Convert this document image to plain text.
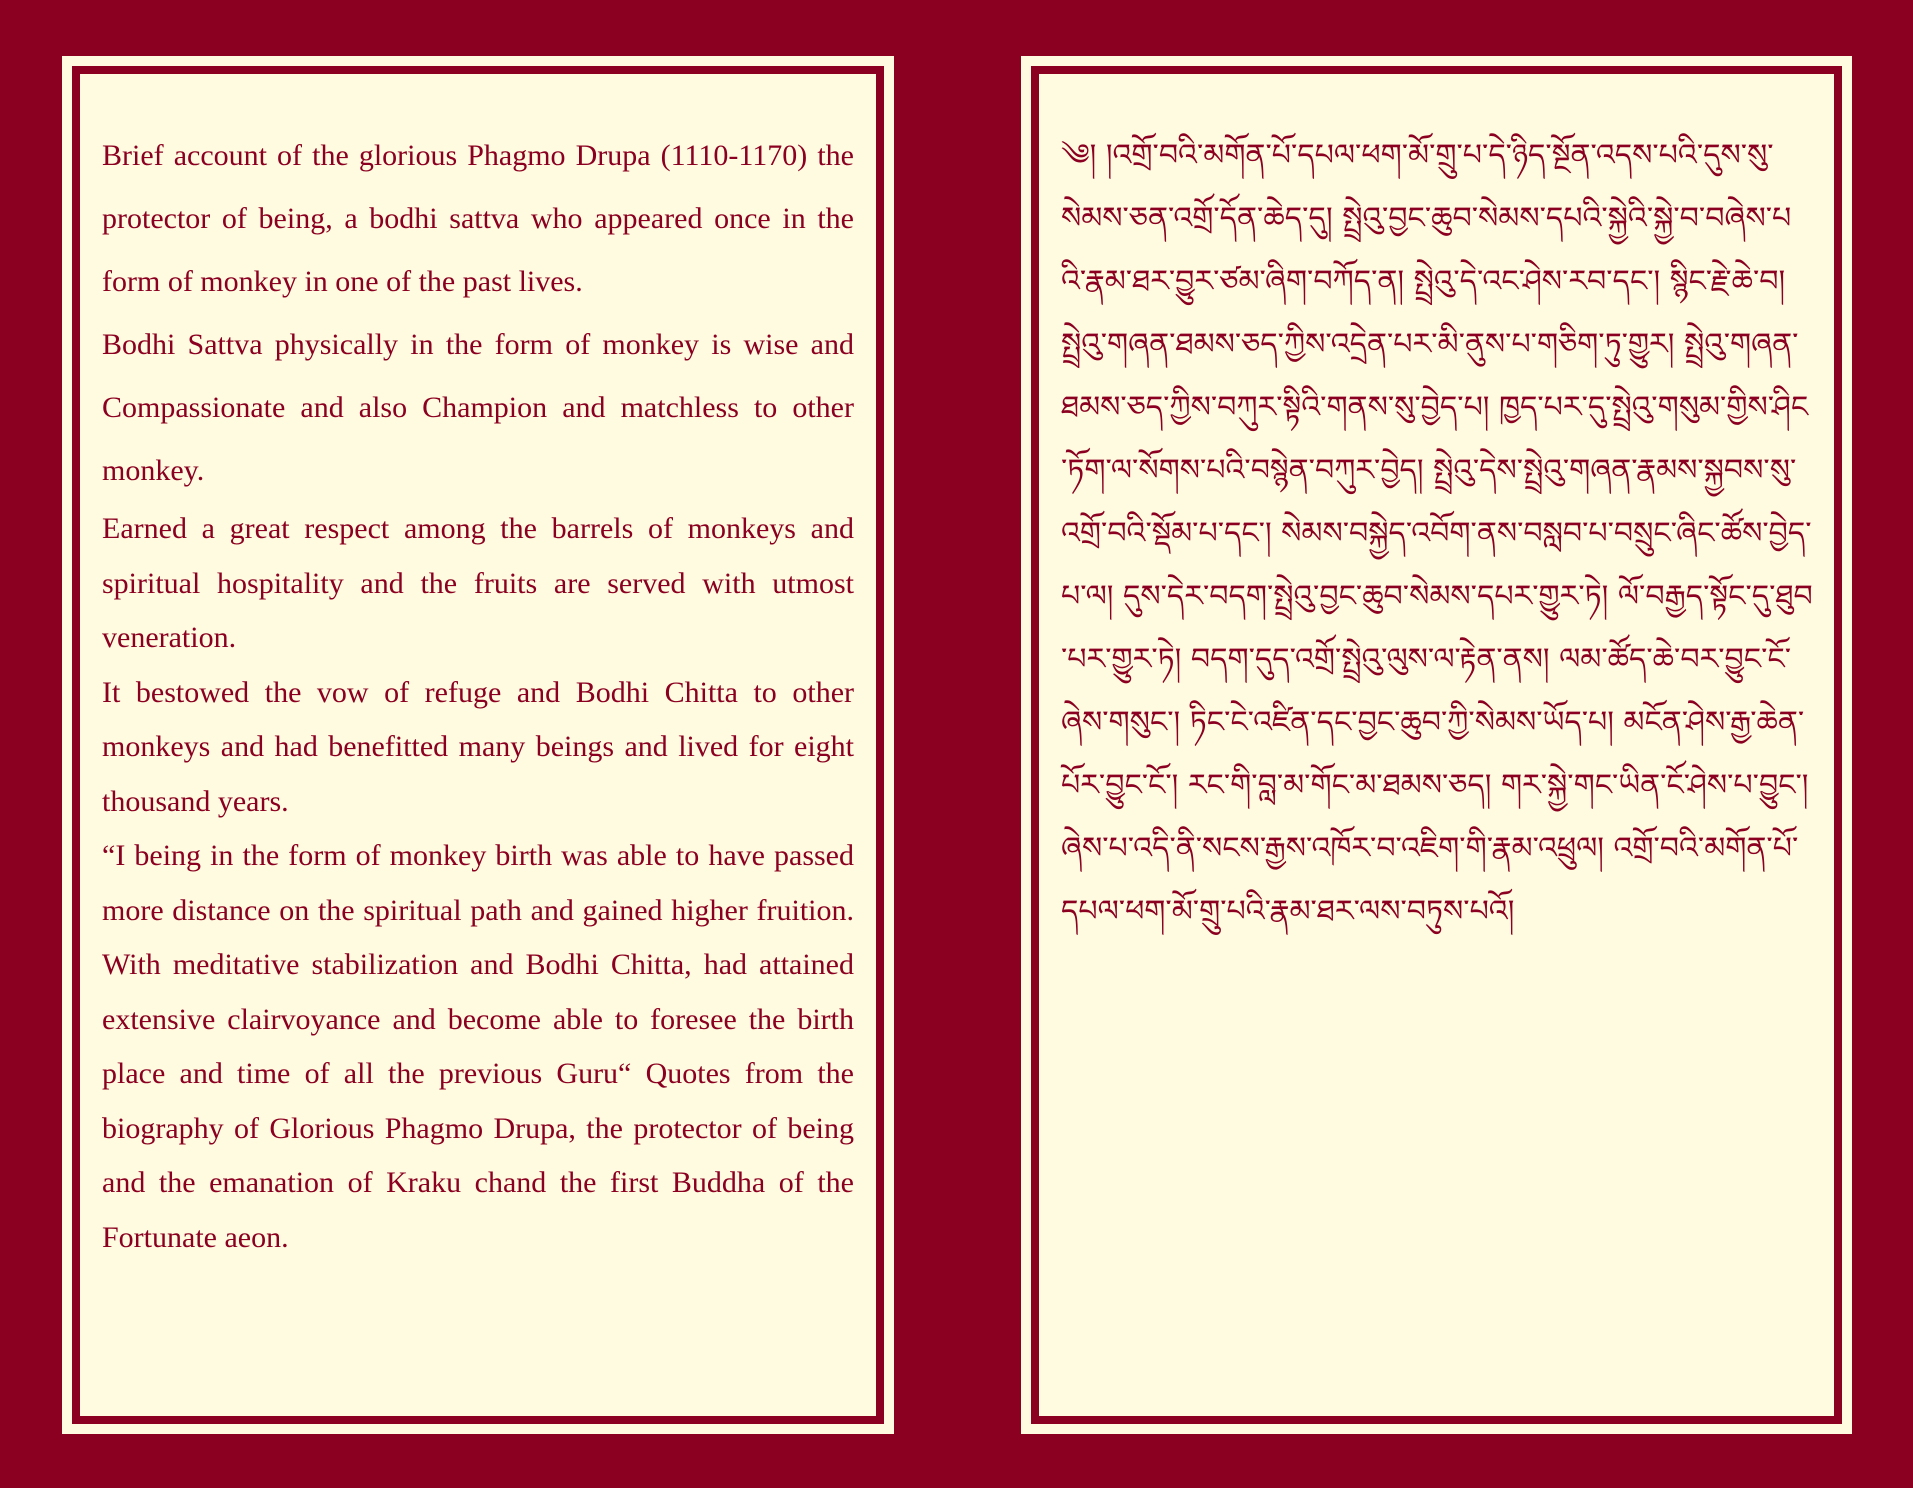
Brief account of the glorious Phagmo Drupa (1110-1170) the protector of being, a bodhi sattva who appeared once in the form of monkey in one of the past lives.

Bodhi Sattva physically in the form of monkey is wise and Compassionate and also Champion and matchless to other monkey.

Earned a great respect among the barrels of monkeys and spiritual hospitality and the fruits are served with utmost veneration.

It bestowed the vow of refuge and Bodhi Chitta to other monkeys and had benefitted many beings and lived for eight thousand years.

“I being in the form of monkey birth was able to have passed more distance on the spiritual path and gained higher fruition. With meditative stabilization and Bodhi Chitta, had attained extensive clairvoyance and become able to foresee the birth place and time of all the previous Guru“ Quotes from the biography of Glorious Phagmo Drupa, the protector of being and the emanation of Kraku chand the first Buddha of the Fortunate aeon.

༄། །འགྲོ་བའི་མགོན་པོ་དཔལ་ཕག་མོ་གྲུ་པ་དེ་ཉིད་སྔོན་འདས་པའི་དུས་སུ་སེམས་ཅན་འགྲོ་དོན་ཆེད་དུ། སྤྲེའུ་བྱང་ཆུབ་སེམས་དཔའི་སྐྱེའི་སྐྱེ་བ་བཞེས་པའི་རྣམ་ཐར་བྱུར་ཙམ་ཞིག་བཀོད་ན། སྤྲེའུ་དེ་འང་ཤེས་རབ་དང་། སྙིང་རྗེ་ཆེ་བ། སྤྲེའུ་གཞན་ཐམས་ཅད་ཀྱིས་འདྲེན་པར་མི་ནུས་པ་གཅིག་ཏུ་གྱུར། སྤྲེའུ་གཞན་ཐམས་ཅད་ཀྱིས་བཀུར་སྟིའི་གནས་སུ་བྱེད་པ། ཁྱད་པར་དུ་སྤྲེའུ་གསུམ་གྱིས་ཤིང་ཏོག་ལ་སོགས་པའི་བསྙེན་བཀུར་བྱེད། སྤྲེའུ་དེས་སྤྲེའུ་གཞན་རྣམས་སྐྱབས་སུ་འགྲོ་བའི་སྡོམ་པ་དང་། སེམས་བསྐྱེད་འབོག་ནས་བསླབ་པ་བསྲུང་ཞིང་ཚོས་བྱེད་པ་ལ། དུས་དེར་བདག་སྤྲེའུ་བྱང་ཆུབ་སེམས་དཔར་གྱུར་ཏེ། ལོ་བརྒྱད་སྟོང་དུ་ཐུབ་པར་གྱུར་ཏེ། བདག་དུད་འགྲོ་སྤྲེའུ་ལུས་ལ་རྟེན་ནས། ལམ་ཚོད་ཆེ་བར་བྱུང་ངོ་ཞེས་གསུང་། ཏིང་ངེ་འཛིན་དང་བྱང་ཆུབ་ཀྱི་སེམས་ཡོད་པ། མངོན་ཤེས་རྒྱ་ཆེན་པོར་བྱུང་ངོ་། རང་གི་བླ་མ་གོང་མ་ཐམས་ཅད། གར་སྐྱེ་གང་ཡིན་ངོ་ཤེས་པ་བྱུང་། ཞེས་པ་འདི་ནི་སངས་རྒྱས་འཁོར་བ་འཇིག་གི་རྣམ་འཕྲུལ། འགྲོ་བའི་མགོན་པོ་དཔལ་ཕག་མོ་གྲུ་པའི་རྣམ་ཐར་ལས་བཏུས་པའོ།
